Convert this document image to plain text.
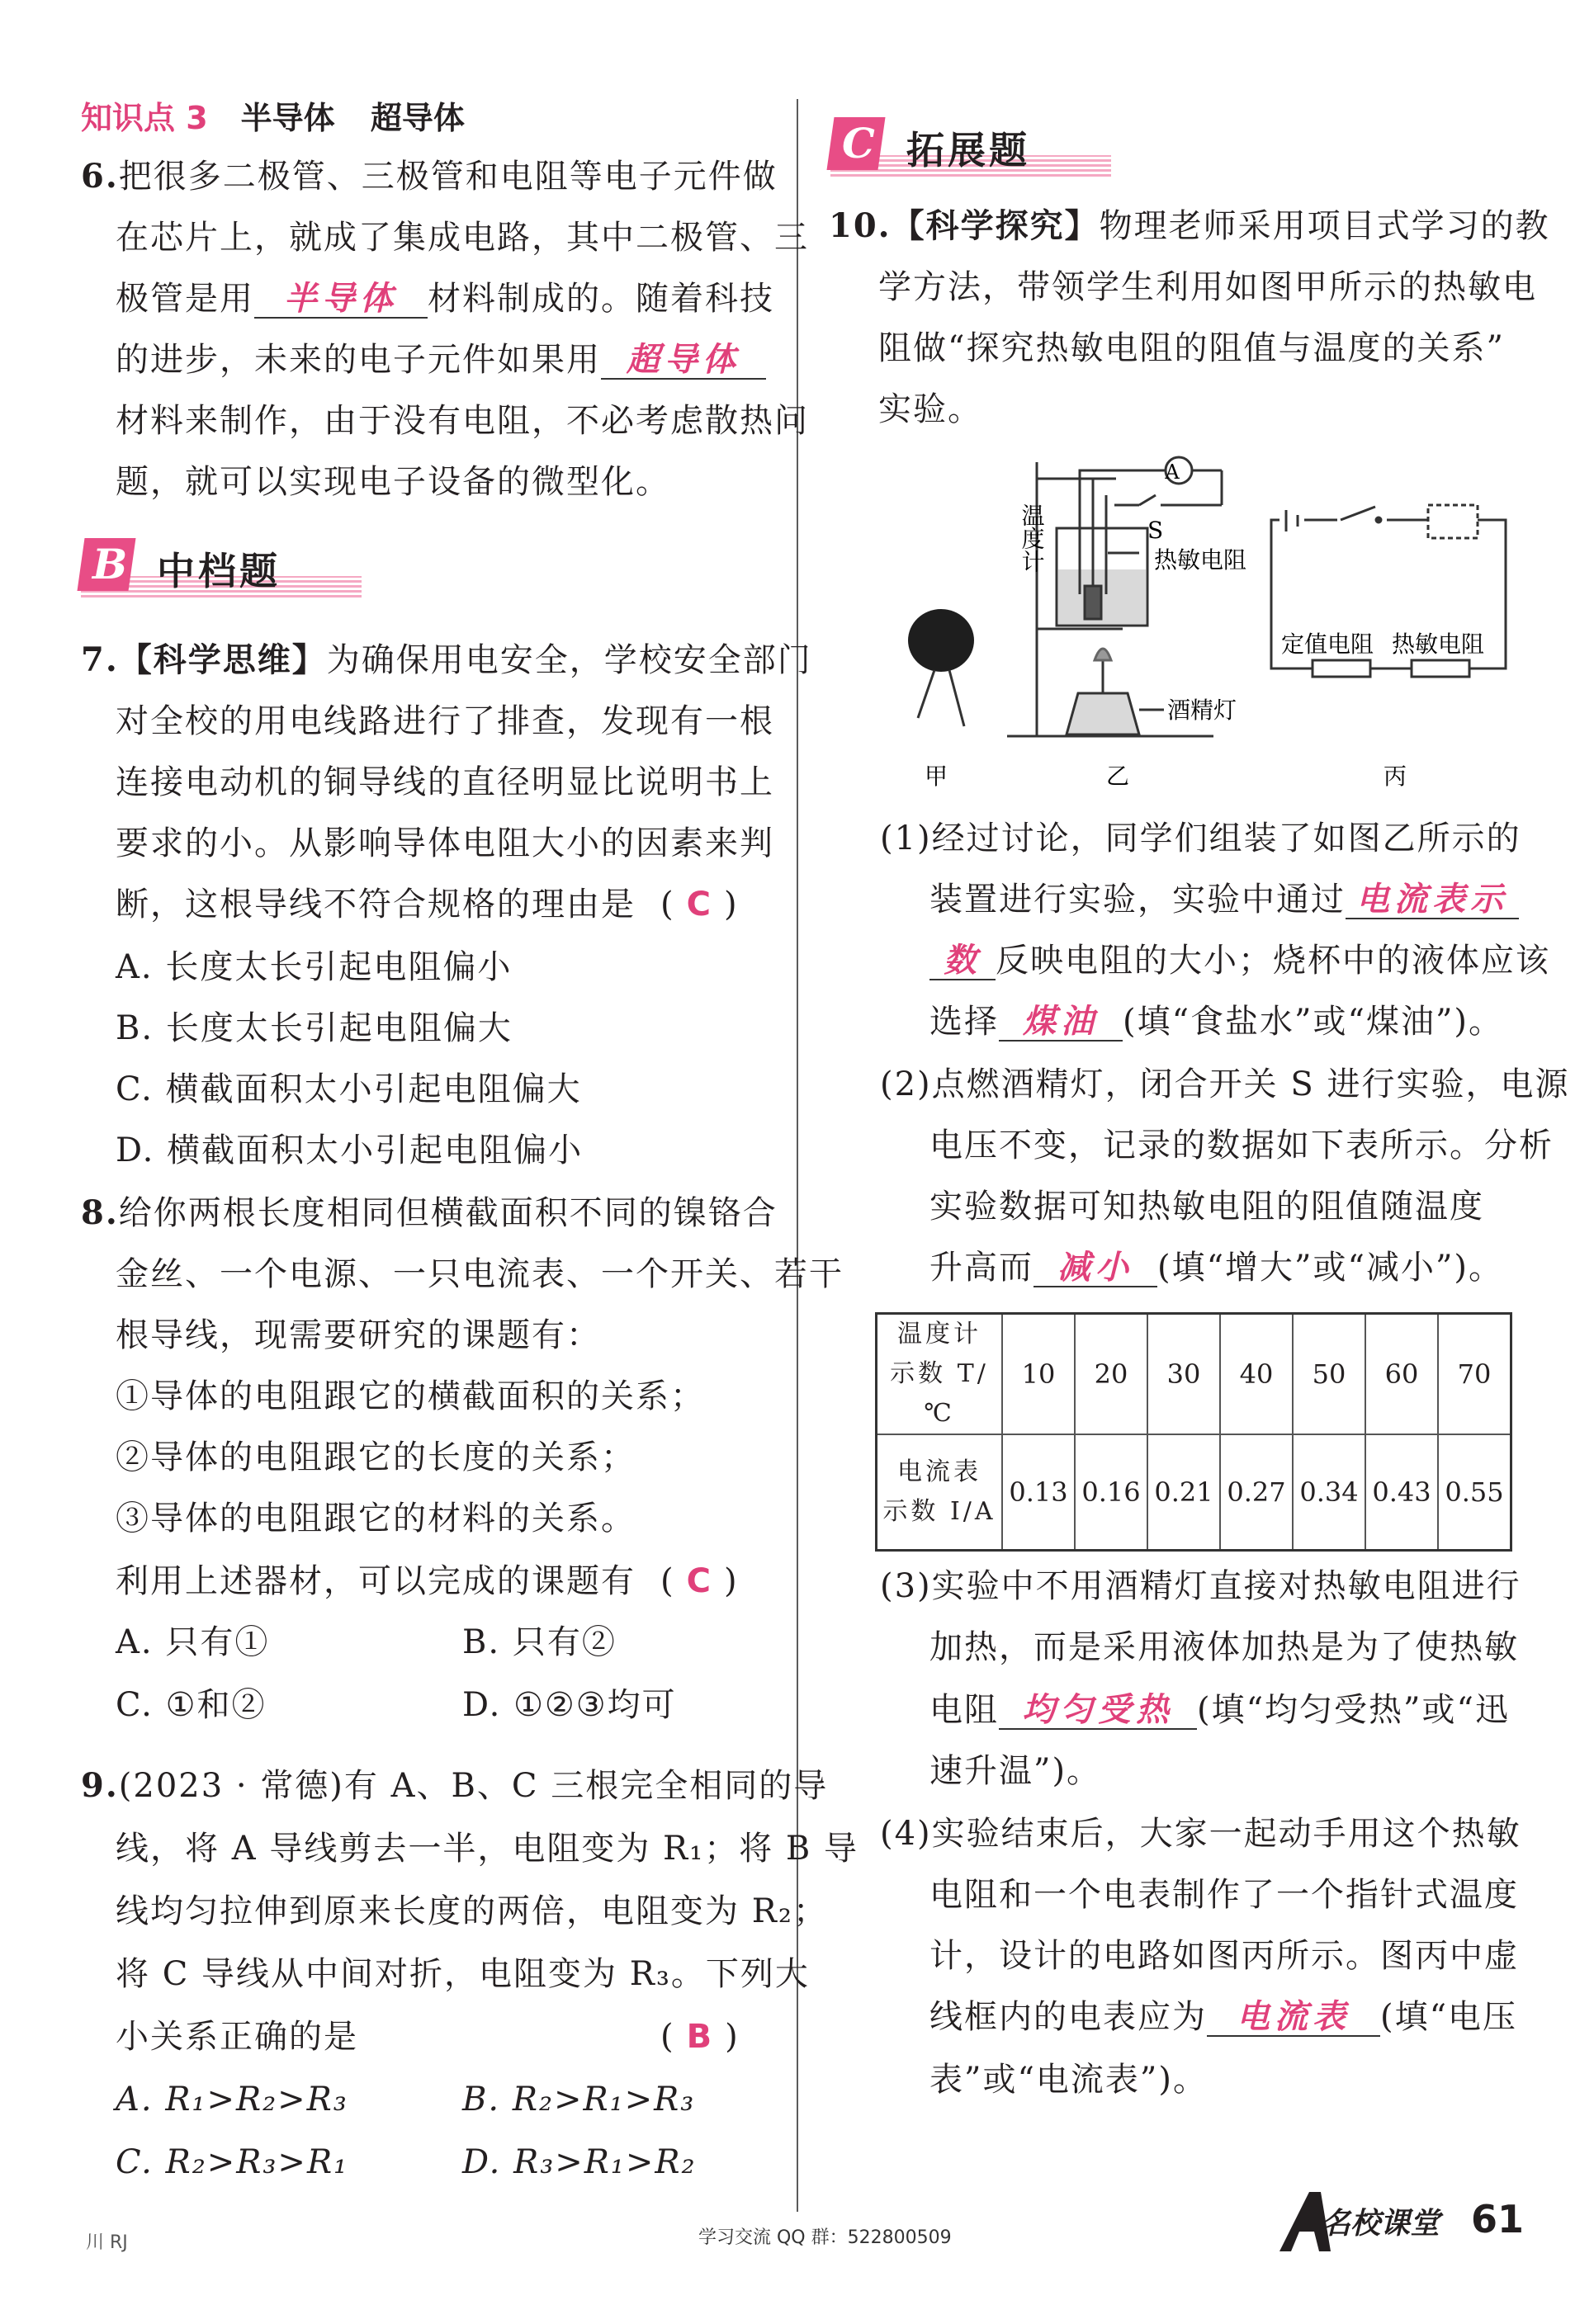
知识点 3 半导体 超导体
6.把很多二极管、三极管和电阻等电子元件做
在芯片上，就成了集成电路，其中二极管、三
极管是用 半导体 材料制成的。随着科技
的进步，未来的电子元件如果用 超导体
材料来制作，由于没有电阻，不必考虑散热问
题，就可以实现电子设备的微型化。
B 中档题
7.【科学思维】为确保用电安全，学校安全部门
对全校的用电线路进行了排查，发现有一根
连接电动机的铜导线的直径明显比说明书上
要求的小。从影响导体电阻大小的因素来判
断，这根导线不符合规格的理由是 ( C )
A. 长度太长引起电阻偏小
B. 长度太长引起电阻偏大
C. 横截面积太小引起电阻偏大
D. 横截面积太小引起电阻偏小
8.给你两根长度相同但横截面积不同的镍铬合
金丝、一个电源、一只电流表、一个开关、若干
根导线，现需要研究的课题有：
①导体的电阻跟它的横截面积的关系；
②导体的电阻跟它的长度的关系；
③导体的电阻跟它的材料的关系。
利用上述器材，可以完成的课题有 ( C )
A. 只有①	B. 只有②
C. ①和②	D. ①②③均可
9.(2023 · 常德)有 A、B、C 三根完全相同的导
线，将 A 导线剪去一半，电阻变为 R₁；将 B 导
线均匀拉伸到原来长度的两倍，电阻变为 R₂；
将 C 导线从中间对折，电阻变为 R₃。下列大
小关系正确的是	( B )
A. R₁>R₂>R₃	B. R₂>R₁>R₃
C. R₂>R₃>R₁	D. R₃>R₁>R₂
C 拓展题
10.【科学探究】物理老师采用项目式学习的教
学方法，带领学生利用如图甲所示的热敏电
阻做“探究热敏电阻的阻值与温度的关系”
实验。
温度计
A
S
热敏电阻
酒精灯
定值电阻 热敏电阻
甲	乙	丙
(1)经过讨论，同学们组装了如图乙所示的
装置进行实验，实验中通过 电流表示
数 反映电阻的大小；烧杯中的液体应该
选择 煤油 (填“食盐水”或“煤油”)。
(2)点燃酒精灯，闭合开关 S 进行实验，电源
电压不变，记录的数据如下表所示。分析
实验数据可知热敏电阻的阻值随温度
升高而 减小 (填“增大”或“减小”)。
温度计
示数 T/℃	10	20	30	40	50	60	70

电流表
示数 I/A	0.13	0.16	0.21	0.27	0.34	0.43	0.55
(3)实验中不用酒精灯直接对热敏电阻进行
加热，而是采用液体加热是为了使热敏
电阻 均匀受热 (填“均匀受热”或“迅
速升温”)。
(4)实验结束后，大家一起动手用这个热敏
电阻和一个电表制作了一个指针式温度
计，设计的电路如图丙所示。图丙中虚
线框内的电表应为 电流表 (填“电压
表”或“电流表”)。
川 RJ	学习交流 QQ 群：522800509	名校课堂 61
